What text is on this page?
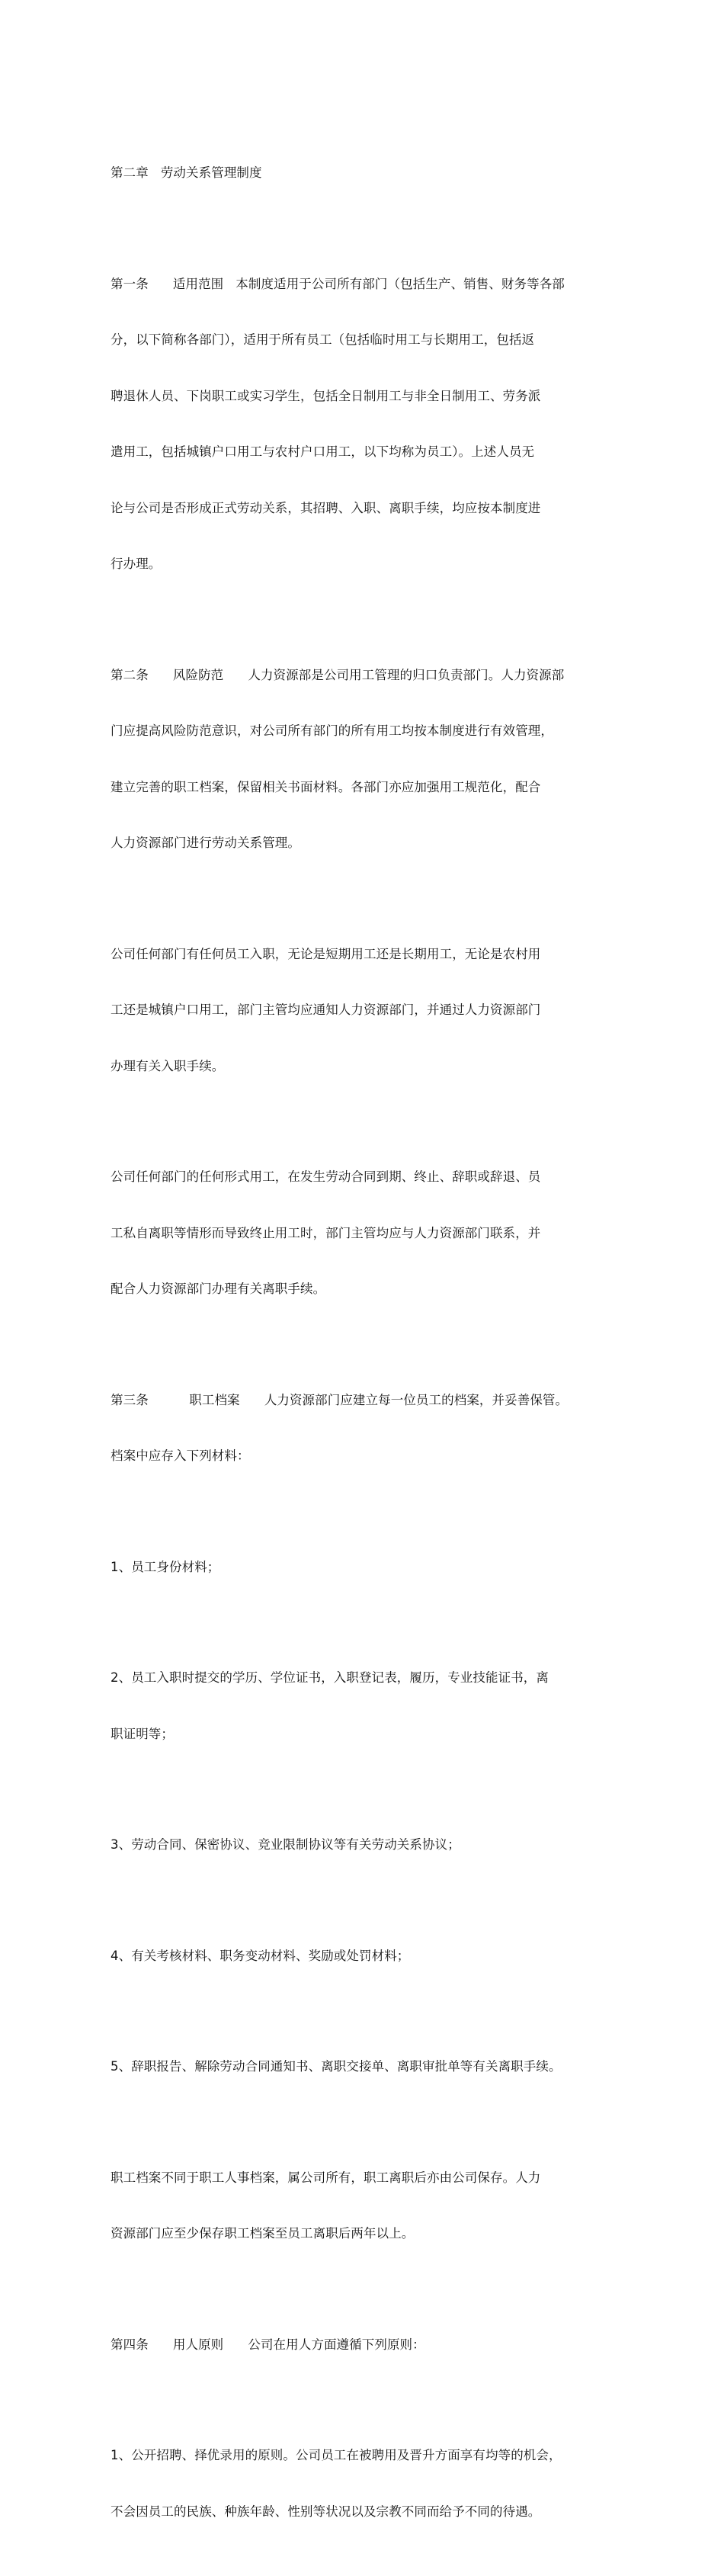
第二章   劳动关系管理制度

第一条      适用范围   本制度适用于公司所有部门（包括生产、销售、财务等各部

分，以下简称各部门），适用于所有员工（包括临时用工与长期用工，包括返

聘退休人员、下岗职工或实习学生，包括全日制用工与非全日制用工、劳务派

遣用工，包括城镇户口用工与农村户口用工，以下均称为员工）。上述人员无

论与公司是否形成正式劳动关系，其招聘、入职、离职手续，均应按本制度进

行办理。

第二条      风险防范      人力资源部是公司用工管理的归口负责部门。人力资源部

门应提高风险防范意识，对公司所有部门的所有用工均按本制度进行有效管理，

建立完善的职工档案，保留相关书面材料。各部门亦应加强用工规范化，配合

人力资源部门进行劳动关系管理。

公司任何部门有任何员工入职，无论是短期用工还是长期用工，无论是农村用

工还是城镇户口用工，部门主管均应通知人力资源部门，并通过人力资源部门

办理有关入职手续。

公司任何部门的任何形式用工，在发生劳动合同到期、终止、辞职或辞退、员

工私自离职等情形而导致终止用工时，部门主管均应与人力资源部门联系，并

配合人力资源部门办理有关离职手续。

第三条          职工档案      人力资源部门应建立每一位员工的档案，并妥善保管。

档案中应存入下列材料：

1、员工身份材料；

2、员工入职时提交的学历、学位证书，入职登记表，履历，专业技能证书，离

职证明等；

3、劳动合同、保密协议、竞业限制协议等有关劳动关系协议；

4、有关考核材料、职务变动材料、奖励或处罚材料；

5、辞职报告、解除劳动合同通知书、离职交接单、离职审批单等有关离职手续。

职工档案不同于职工人事档案，属公司所有，职工离职后亦由公司保存。人力

资源部门应至少保存职工档案至员工离职后两年以上。

第四条      用人原则      公司在用人方面遵循下列原则：

1、公开招聘、择优录用的原则。公司员工在被聘用及晋升方面享有均等的机会，

不会因员工的民族、种族年龄、性别等状况以及宗教不同而给予不同的待遇。
